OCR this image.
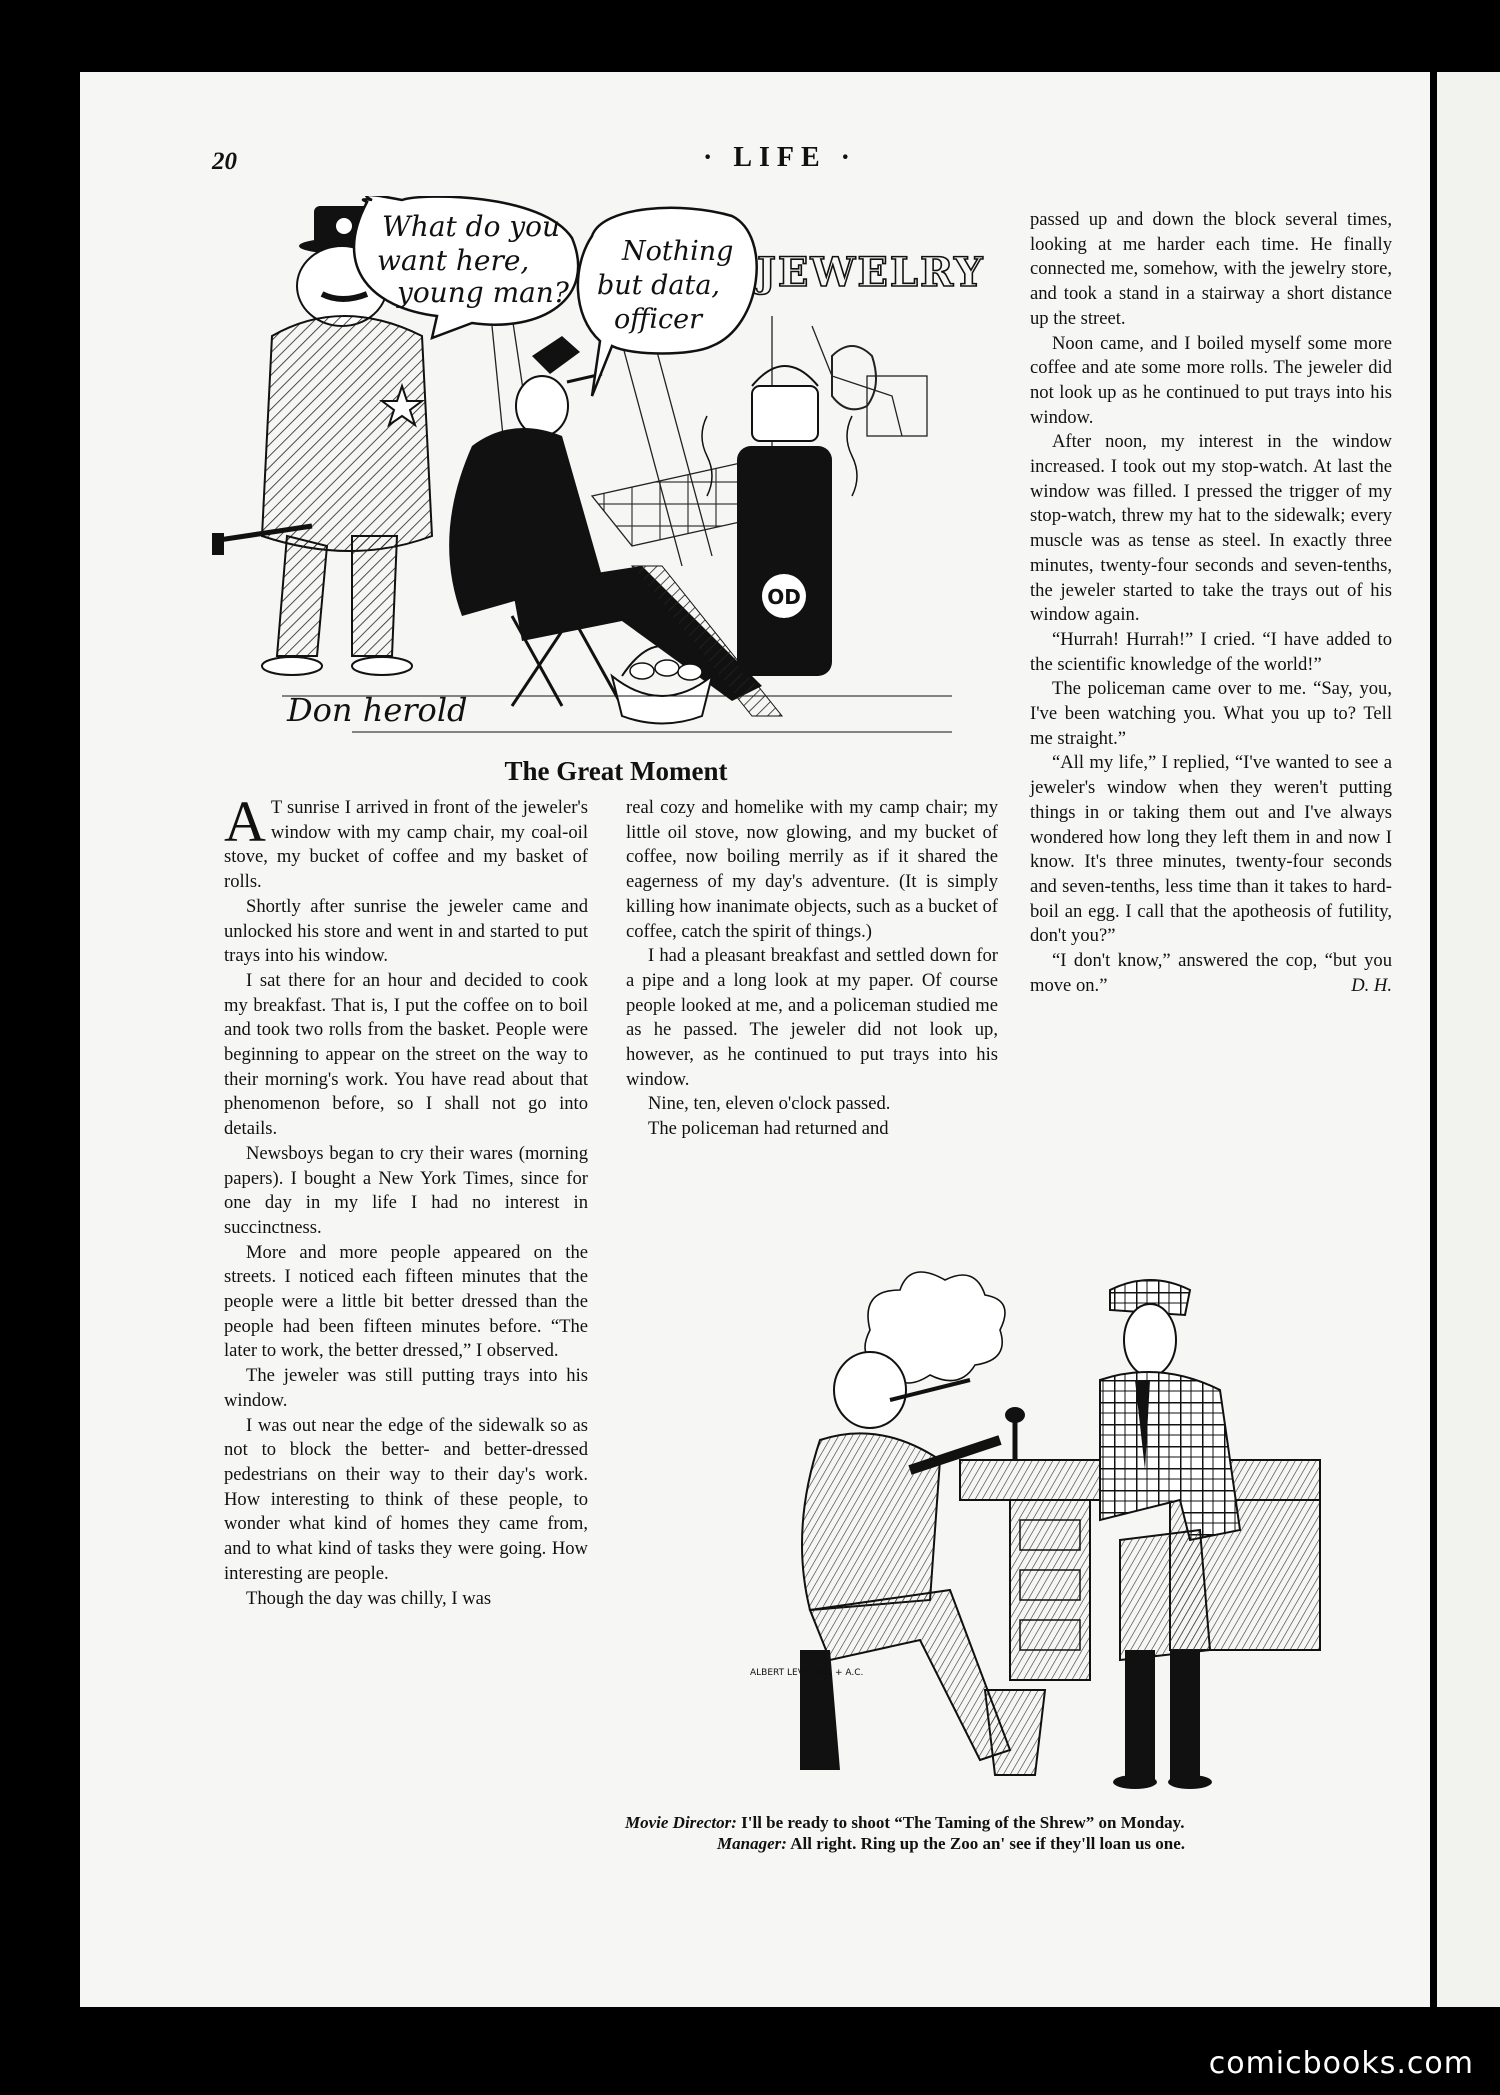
20	· LIFE ·
JEWELRY
OD
What do you want here, young man?
Nothing but data, officer
Don herold
The Great Moment

A T sunrise I arrived in front of the jeweler's window with my camp chair, my coal-oil stove, my bucket of coffee and my basket of rolls.

Shortly after sunrise the jeweler came and unlocked his store and went in and started to put trays into his window.

I sat there for an hour and decided to cook my breakfast. That is, I put the coffee on to boil and took two rolls from the basket. People were beginning to appear on the street on the way to their morning's work. You have read about that phenomenon before, so I shall not go into details.

Newsboys began to cry their wares (morning papers). I bought a New York Times, since for one day in my life I had no interest in succinctness.

More and more people appeared on the streets. I noticed each fifteen minutes that the people were a little bit better dressed than the people had been fifteen minutes before. “The later to work, the better dressed,” I observed.

The jeweler was still putting trays into his window.

I was out near the edge of the sidewalk so as not to block the better- and better-dressed pedestrians on their way to their day's work. How interesting to think of these people, to wonder what kind of homes they came from, and to what kind of tasks they were going. How interesting are people.

Though the day was chilly, I was

real cozy and homelike with my camp chair; my little oil stove, now glowing, and my bucket of coffee, now boiling merrily as if it shared the eagerness of my day's adventure. (It is simply killing how inanimate objects, such as a bucket of coffee, catch the spirit of things.)

I had a pleasant breakfast and settled down for a pipe and a long look at my paper. Of course people looked at me, and a policeman studied me as he passed. The jeweler did not look up, however, as he continued to put trays into his window.

Nine, ten, eleven o'clock passed.

The policeman had returned and

passed up and down the block several times, looking at me harder each time. He finally connected me, somehow, with the jewelry store, and took a stand in a stairway a short distance up the street.

Noon came, and I boiled myself some more coffee and ate some more rolls. The jeweler did not look up as he continued to put trays into his window.

After noon, my interest in the window increased. I took out my stop-watch. At last the window was filled. I pressed the trigger of my stop-watch, threw my hat to the sidewalk; every muscle was as tense as steel. In exactly three minutes, twenty-four seconds and seven-tenths, the jeweler started to take the trays out of his window again.

“Hurrah! Hurrah!” I cried. “I have added to the scientific knowledge of the world!”

The policeman came over to me. “Say, you, I've been watching you. What you up to? Tell me straight.”

“All my life,” I replied, “I've wanted to see a jeweler's window when they weren't putting things in or taking them out and I've always wondered how long they left them in and now I know. It's three minutes, twenty-four seconds and seven-tenths, less time than it takes to hard-boil an egg. I call that the apotheosis of futility, don't you?”

“I don't know,” answered the cop, “but you move on.”	D. H.

ALBERT LEVERING + A.C.
Movie Director: I'll be ready to shoot “The Taming of the Shrew” on Monday.
Manager: All right. Ring up the Zoo an' see if they'll loan us one.
comicbooks.com
